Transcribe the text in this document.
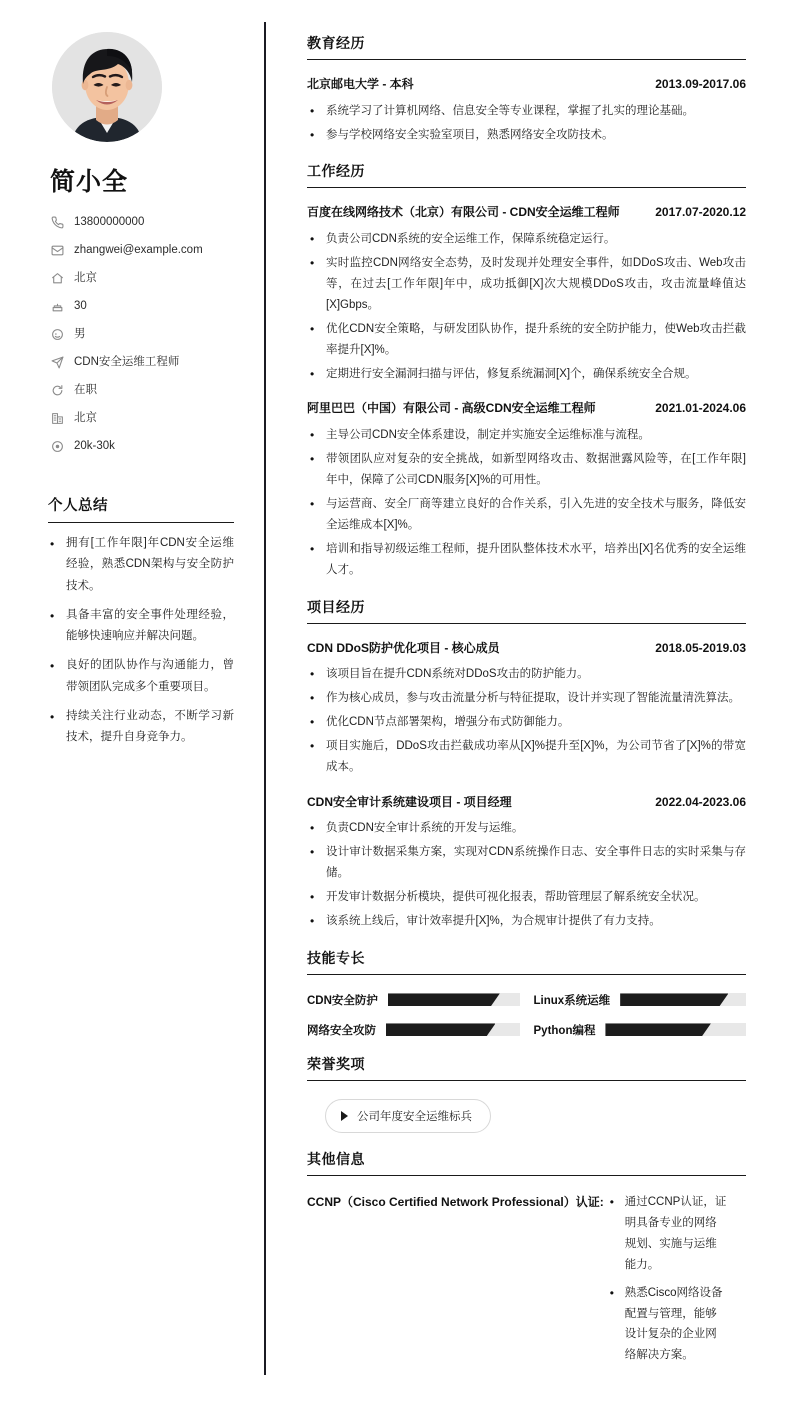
简小全
13800000000
zhangwei@example.com
北京
30
男
CDN安全运维工程师
在职
北京
20k-30k
个人总结
• 拥有[工作年限]年CDN安全运维经验，熟悉CDN架构与安全防护技术。
• 具备丰富的安全事件处理经验，能够快速响应并解决问题。
• 良好的团队协作与沟通能力，曾带领团队完成多个重要项目。
• 持续关注行业动态，不断学习新技术，提升自身竞争力。
教育经历
北京邮电大学 - 本科	2013.09-2017.06
• 系统学习了计算机网络、信息安全等专业课程，掌握了扎实的理论基础。
• 参与学校网络安全实验室项目，熟悉网络安全攻防技术。
工作经历
百度在线网络技术（北京）有限公司 - CDN安全运维工程师	2017.07-2020.12
• 负责公司CDN系统的安全运维工作，保障系统稳定运行。
• 实时监控CDN网络安全态势，及时发现并处理安全事件，如DDoS攻击、Web攻击等，在过去[工作年限]年中，成功抵御[X]次大规模DDoS攻击，攻击流量峰值达[X]Gbps。
• 优化CDN安全策略，与研发团队协作，提升系统的安全防护能力，使Web攻击拦截率提升[X]%。
• 定期进行安全漏洞扫描与评估，修复系统漏洞[X]个，确保系统安全合规。
阿里巴巴（中国）有限公司 - 高级CDN安全运维工程师	2021.01-2024.06
• 主导公司CDN安全体系建设，制定并实施安全运维标准与流程。
• 带领团队应对复杂的安全挑战，如新型网络攻击、数据泄露风险等，在[工作年限]年中，保障了公司CDN服务[X]%的可用性。
• 与运营商、安全厂商等建立良好的合作关系，引入先进的安全技术与服务，降低安全运维成本[X]%。
• 培训和指导初级运维工程师，提升团队整体技术水平，培养出[X]名优秀的安全运维人才。
项目经历
CDN DDoS防护优化项目 - 核心成员	2018.05-2019.03
• 该项目旨在提升CDN系统对DDoS攻击的防护能力。
• 作为核心成员，参与攻击流量分析与特征提取，设计并实现了智能流量清洗算法。
• 优化CDN节点部署架构，增强分布式防御能力。
• 项目实施后，DDoS攻击拦截成功率从[X]%提升至[X]%，为公司节省了[X]%的带宽成本。
CDN安全审计系统建设项目 - 项目经理	2022.04-2023.06
• 负责CDN安全审计系统的开发与运维。
• 设计审计数据采集方案，实现对CDN系统操作日志、安全事件日志的实时采集与存储。
• 开发审计数据分析模块，提供可视化报表，帮助管理层了解系统安全状况。
• 该系统上线后，审计效率提升[X]%，为合规审计提供了有力支持。
技能专长
CDN安全防护	Linux系统运维
网络安全攻防	Python编程
荣誉奖项
公司年度安全运维标兵
其他信息
CCNP（Cisco Certified Network Professional）认证:	• 通过CCNP认证，证明具备专业的网络规划、实施与运维能力。
• 熟悉Cisco网络设备配置与管理，能够设计复杂的企业网络解决方案。
